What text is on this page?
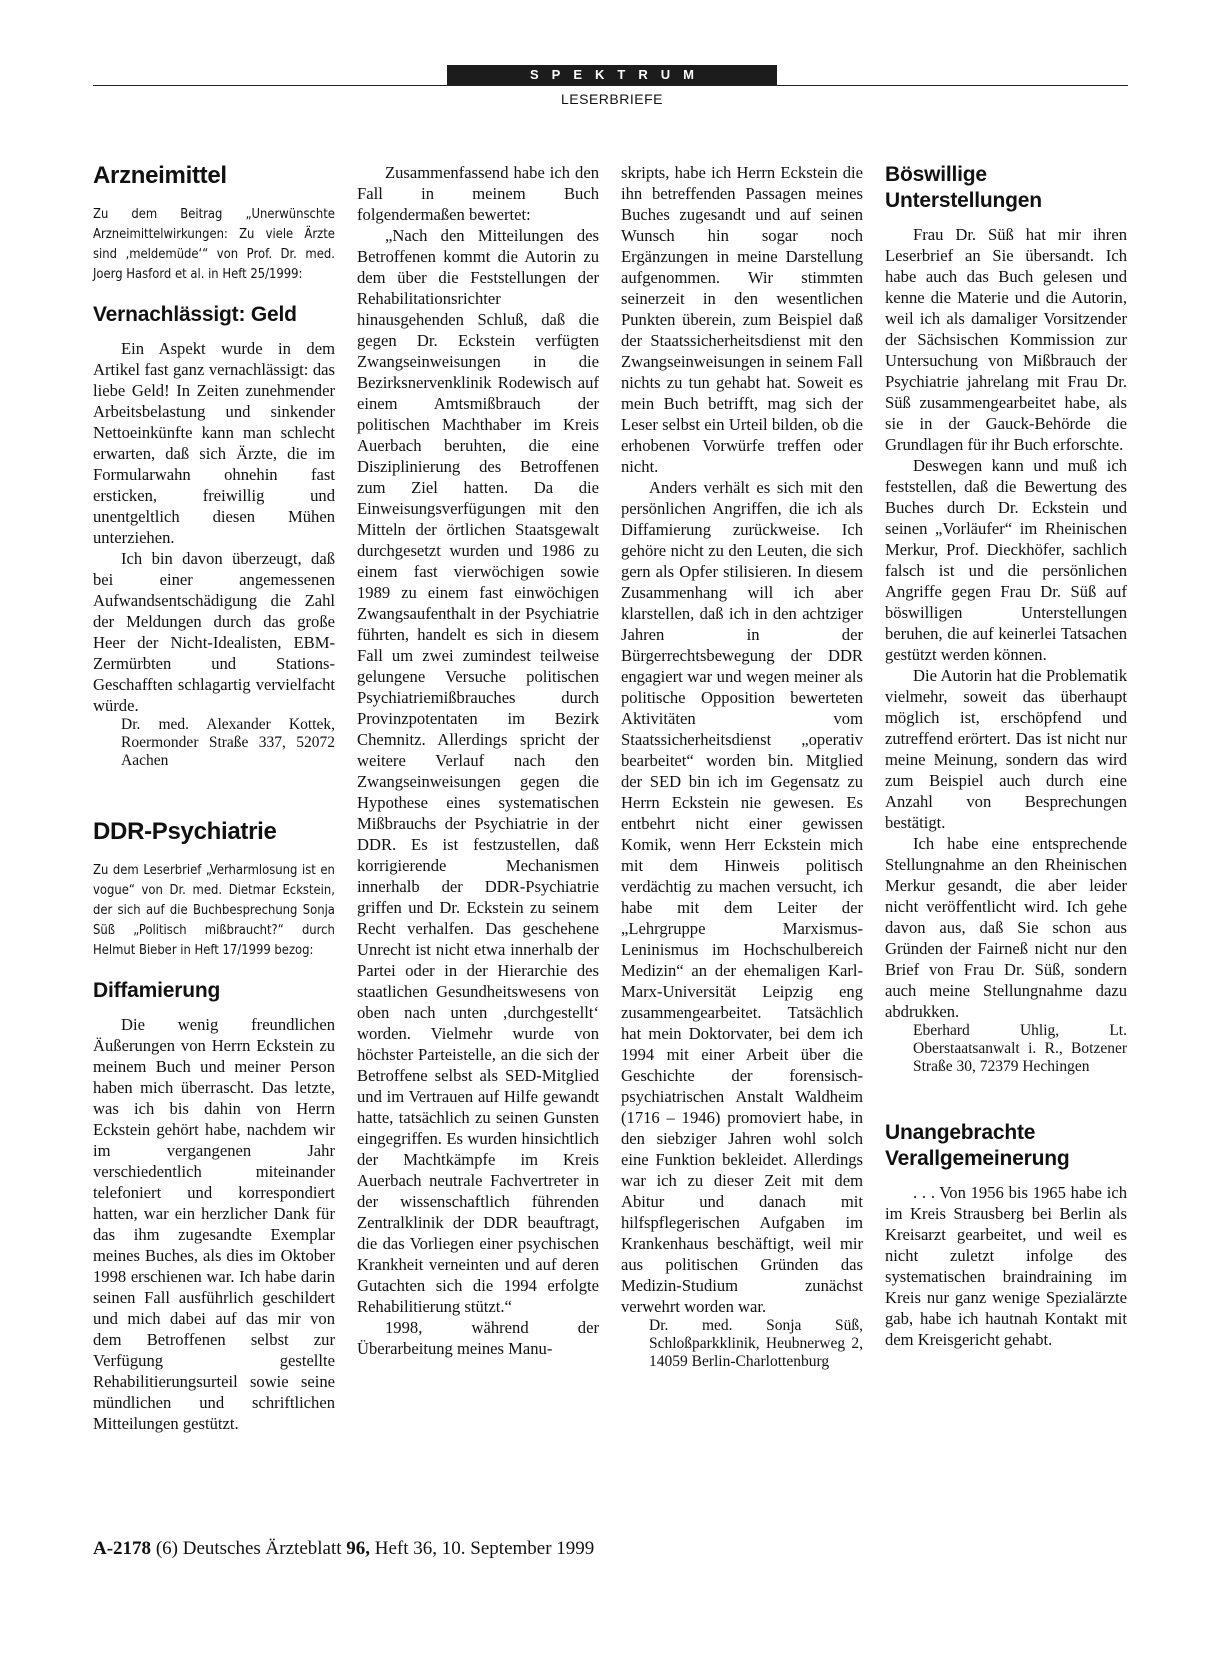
SPEKTRUM
LESERBRIEFE
Arzneimittel
Zu dem Beitrag „Unerwünschte Arzneimittelwirkungen: Zu viele Ärzte sind ‚meldemüde‘“ von Prof. Dr. med. Joerg Hasford et al. in Heft 25/1999:
Vernachlässigt: Geld

Ein Aspekt wurde in dem Artikel fast ganz vernachlässigt: das liebe Geld! In Zeiten zunehmender Arbeitsbelastung und sinkender Nettoeinkünfte kann man schlecht erwarten, daß sich Ärzte, die im Formularwahn ohnehin fast ersticken, freiwillig und unentgeltlich diesen Mühen unterziehen.

Ich bin davon überzeugt, daß bei einer angemessenen Aufwandsentschädigung die Zahl der Meldungen durch das große Heer der Nicht-Idealisten, EBM-Zermürbten und Stations-Geschafften schlagartig vervielfacht würde.

Dr. med. Alexander Kottek, Roermonder Straße 337, 52072 Aachen
DDR-Psychiatrie
Zu dem Leserbrief „Verharmlosung ist en vogue“ von Dr. med. Dietmar Eckstein, der sich auf die Buchbesprechung Sonja Süß „Politisch mißbraucht?“ durch Helmut Bieber in Heft 17/1999 bezog:
Diffamierung

Die wenig freundlichen Äußerungen von Herrn Eckstein zu meinem Buch und meiner Person haben mich überrascht. Das letzte, was ich bis dahin von Herrn Eckstein gehört habe, nachdem wir im vergangenen Jahr verschiedentlich miteinander telefoniert und korrespondiert hatten, war ein herzlicher Dank für das ihm zugesandte Exemplar meines Buches, als dies im Oktober 1998 erschienen war. Ich habe darin seinen Fall ausführlich geschildert und mich dabei auf das mir von dem Betroffenen selbst zur Verfügung gestellte Rehabilitierungsurteil sowie seine mündlichen und schriftlichen Mitteilungen gestützt.

Zusammenfassend habe ich den Fall in meinem Buch folgendermaßen bewertet:

„Nach den Mitteilungen des Betroffenen kommt die Autorin zu dem über die Feststellungen der Rehabilitationsrichter hinausgehenden Schluß, daß die gegen Dr. Eckstein verfügten Zwangseinweisungen in die Bezirksnervenklinik Rodewisch auf einem Amtsmißbrauch der politischen Machthaber im Kreis Auerbach beruhten, die eine Disziplinierung des Betroffenen zum Ziel hatten. Da die Einweisungsverfügungen mit den Mitteln der örtlichen Staatsgewalt durchgesetzt wurden und 1986 zu einem fast vierwöchigen sowie 1989 zu einem fast einwöchigen Zwangsaufenthalt in der Psychiatrie führten, handelt es sich in diesem Fall um zwei zumindest teilweise gelungene Versuche politischen Psychiatriemißbrauches durch Provinzpotentaten im Bezirk Chemnitz. Allerdings spricht der weitere Verlauf nach den Zwangseinweisungen gegen die Hypothese eines systematischen Mißbrauchs der Psychiatrie in der DDR. Es ist festzustellen, daß korrigierende Mechanismen innerhalb der DDR-Psychiatrie griffen und Dr. Eckstein zu seinem Recht verhalfen. Das geschehene Unrecht ist nicht etwa innerhalb der Partei oder in der Hierarchie des staatlichen Gesundheitswesens von oben nach unten ‚durchgestellt‘ worden. Vielmehr wurde von höchster Parteistelle, an die sich der Betroffene selbst als SED-Mitglied und im Vertrauen auf Hilfe gewandt hatte, tatsächlich zu seinen Gunsten eingegriffen. Es wurden hinsichtlich der Machtkämpfe im Kreis Auerbach neutrale Fachvertreter in der wissenschaftlich führenden Zentralklinik der DDR beauftragt, die das Vorliegen einer psychischen Krankheit verneinten und auf deren Gutachten sich die 1994 erfolgte Rehabilitierung stützt.“

1998, während der Überarbeitung meines Manu-

skripts, habe ich Herrn Eckstein die ihn betreffenden Passagen meines Buches zugesandt und auf seinen Wunsch hin sogar noch Ergänzungen in meine Darstellung aufgenommen. Wir stimmten seinerzeit in den wesentlichen Punkten überein, zum Beispiel daß der Staatssicherheitsdienst mit den Zwangseinweisungen in seinem Fall nichts zu tun gehabt hat. Soweit es mein Buch betrifft, mag sich der Leser selbst ein Urteil bilden, ob die erhobenen Vorwürfe treffen oder nicht.

Anders verhält es sich mit den persönlichen Angriffen, die ich als Diffamierung zurückweise. Ich gehöre nicht zu den Leuten, die sich gern als Opfer stilisieren. In diesem Zusammenhang will ich aber klarstellen, daß ich in den achtziger Jahren in der Bürgerrechtsbewegung der DDR engagiert war und wegen meiner als politische Opposition bewerteten Aktivitäten vom Staatssicherheitsdienst „operativ bearbeitet“ worden bin. Mitglied der SED bin ich im Gegensatz zu Herrn Eckstein nie gewesen. Es entbehrt nicht einer gewissen Komik, wenn Herr Eckstein mich mit dem Hinweis politisch verdächtig zu machen versucht, ich habe mit dem Leiter der „Lehrgruppe Marxismus-Leninismus im Hochschulbereich Medizin“ an der ehemaligen Karl-Marx-Universität Leipzig eng zusammengearbeitet. Tatsächlich hat mein Doktorvater, bei dem ich 1994 mit einer Arbeit über die Geschichte der forensisch-psychiatrischen Anstalt Waldheim (1716 – 1946) promoviert habe, in den siebziger Jahren wohl solch eine Funktion bekleidet. Allerdings war ich zu dieser Zeit mit dem Abitur und danach mit hilfspflegerischen Aufgaben im Krankenhaus beschäftigt, weil mir aus politischen Gründen das Medizin-Studium zunächst verwehrt worden war.

Dr. med. Sonja Süß, Schloßparkklinik, Heubnerweg 2, 14059 Berlin-Charlottenburg
Böswillige Unterstellungen

Frau Dr. Süß hat mir ihren Leserbrief an Sie übersandt. Ich habe auch das Buch gelesen und kenne die Materie und die Autorin, weil ich als damaliger Vorsitzender der Sächsischen Kommission zur Untersuchung von Mißbrauch der Psychiatrie jahrelang mit Frau Dr. Süß zusammengearbeitet habe, als sie in der Gauck-Behörde die Grundlagen für ihr Buch erforschte.

Deswegen kann und muß ich feststellen, daß die Bewertung des Buches durch Dr. Eckstein und seinen „Vorläufer“ im Rheinischen Merkur, Prof. Dieckhöfer, sachlich falsch ist und die persönlichen Angriffe gegen Frau Dr. Süß auf böswilligen Unterstellungen beruhen, die auf keinerlei Tatsachen gestützt werden können.

Die Autorin hat die Problematik vielmehr, soweit das überhaupt möglich ist, erschöpfend und zutreffend erörtert. Das ist nicht nur meine Meinung, sondern das wird zum Beispiel auch durch eine Anzahl von Besprechungen bestätigt.

Ich habe eine entsprechende Stellungnahme an den Rheinischen Merkur gesandt, die aber leider nicht veröffentlicht wird. Ich gehe davon aus, daß Sie schon aus Gründen der Fairneß nicht nur den Brief von Frau Dr. Süß, sondern auch meine Stellungnahme dazu abdrukken.

Eberhard Uhlig, Lt. Oberstaatsanwalt i. R., Botzener Straße 30, 72379 Hechingen
Unangebrachte Verallgemeinerung

. . . Von 1956 bis 1965 habe ich im Kreis Strausberg bei Berlin als Kreisarzt gearbeitet, und weil es nicht zuletzt infolge des systematischen braindraining im Kreis nur ganz wenige Spezialärzte gab, habe ich hautnah Kontakt mit dem Kreisgericht gehabt.

A-2178 (6) Deutsches Ärzteblatt 96, Heft 36, 10. September 1999
